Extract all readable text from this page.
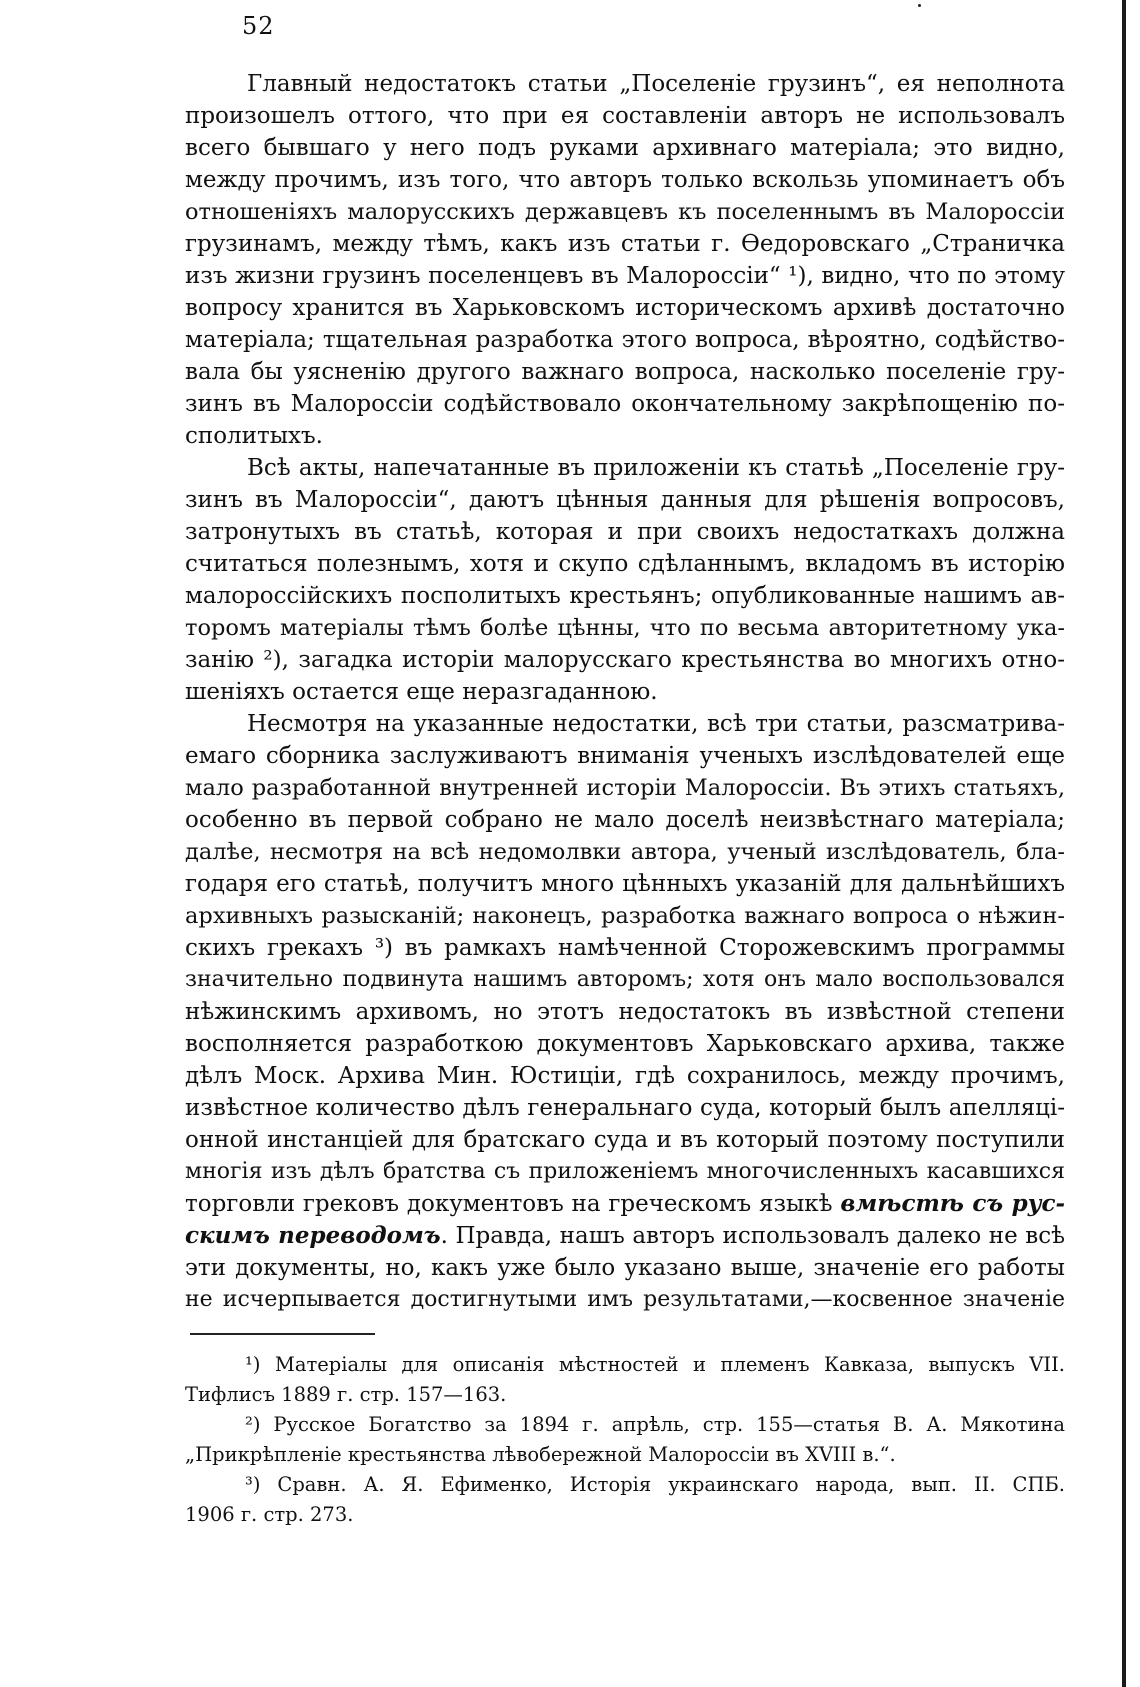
52
Главный недостатокъ статьи „Поселеніе грузинъ“, ея неполнота
произошелъ оттого, что при ея составленіи авторъ не использовалъ
всего бывшаго у него подъ руками архивнаго матеріала; это видно,
между прочимъ, изъ того, что авторъ только вскользь упоминаетъ объ
отношеніяхъ малорусскихъ державцевъ къ поселеннымъ въ Малороссіи
грузинамъ, между тѣмъ, какъ изъ статьи г. Ѳедоровскаго „Страничка
изъ жизни грузинъ поселенцевъ въ Малороссіи“ ¹), видно, что по этому
вопросу хранится въ Харьковскомъ историческомъ архивѣ достаточно
матеріала; тщательная разработка этого вопроса, вѣроятно, содѣйство-
вала бы уясненію другого важнаго вопроса, насколько поселеніе гру-
зинъ въ Малороссіи содѣйствовало окончательному закрѣпощенію по-
сполитыхъ.
Всѣ акты, напечатанные въ приложеніи къ статьѣ „Поселеніе гру-
зинъ въ Малороссіи“, даютъ цѣнныя данныя для рѣшенія вопросовъ,
затронутыхъ въ статьѣ, которая и при своихъ недостаткахъ должна
считаться полезнымъ, хотя и скупо сдѣланнымъ, вкладомъ въ исторію
малороссійскихъ посполитыхъ крестьянъ; опубликованные нашимъ ав-
торомъ матеріалы тѣмъ болѣе цѣнны, что по весьма авторитетному ука-
занію ²), загадка исторіи малорусскаго крестьянства во многихъ отно-
шеніяхъ остается еще неразгаданною.
Несмотря на указанные недостатки, всѣ три статьи, разсматрива-
емаго сборника заслуживаютъ вниманія ученыхъ изслѣдователей еще
мало разработанной внутренней исторіи Малороссіи. Въ этихъ статьяхъ,
особенно въ первой собрано не мало доселѣ неизвѣстнаго матеріала;
далѣе, несмотря на всѣ недомолвки автора, ученый изслѣдователь, бла-
годаря его статьѣ, получитъ много цѣнныхъ указаній для дальнѣйшихъ
архивныхъ разысканій; наконецъ, разработка важнаго вопроса о нѣжин-
скихъ грекахъ ³) въ рамкахъ намѣченной Сторожевскимъ программы
значительно подвинута нашимъ авторомъ; хотя онъ мало воспользовался
нѣжинскимъ архивомъ, но этотъ недостатокъ въ извѣстной степени
восполняется разработкою документовъ Харьковскаго архива, также
дѣлъ Моск. Архива Мин. Юстиціи, гдѣ сохранилось, между прочимъ,
извѣстное количество дѣлъ генеральнаго суда, который былъ апелляці-
онной инстанціей для братскаго суда и въ который поэтому поступили
многія изъ дѣлъ братства съ приложеніемъ многочисленныхъ касавшихся
торговли грековъ документовъ на греческомъ языкѣ вмѣстѣ съ рус-
скимъ переводомъ. Правда, нашъ авторъ использовалъ далеко не всѣ
эти документы, но, какъ уже было указано выше, значеніе его работы
не исчерпывается достигнутыми имъ результатами,—косвенное значеніе
¹) Матеріалы для описанія мѣстностей и племенъ Кавказа, выпускъ VII.
Тифлисъ 1889 г. стр. 157—163.
²) Русское Богатство за 1894 г. апрѣль, стр. 155—статья В. А. Мякотина
„Прикрѣпленіе крестьянства лѣвобережной Малороссіи въ XVIII в.“.
³) Сравн. А. Я. Ефименко, Исторія украинскаго народа, вып. II. СПБ.
1906 г. стр. 273.
